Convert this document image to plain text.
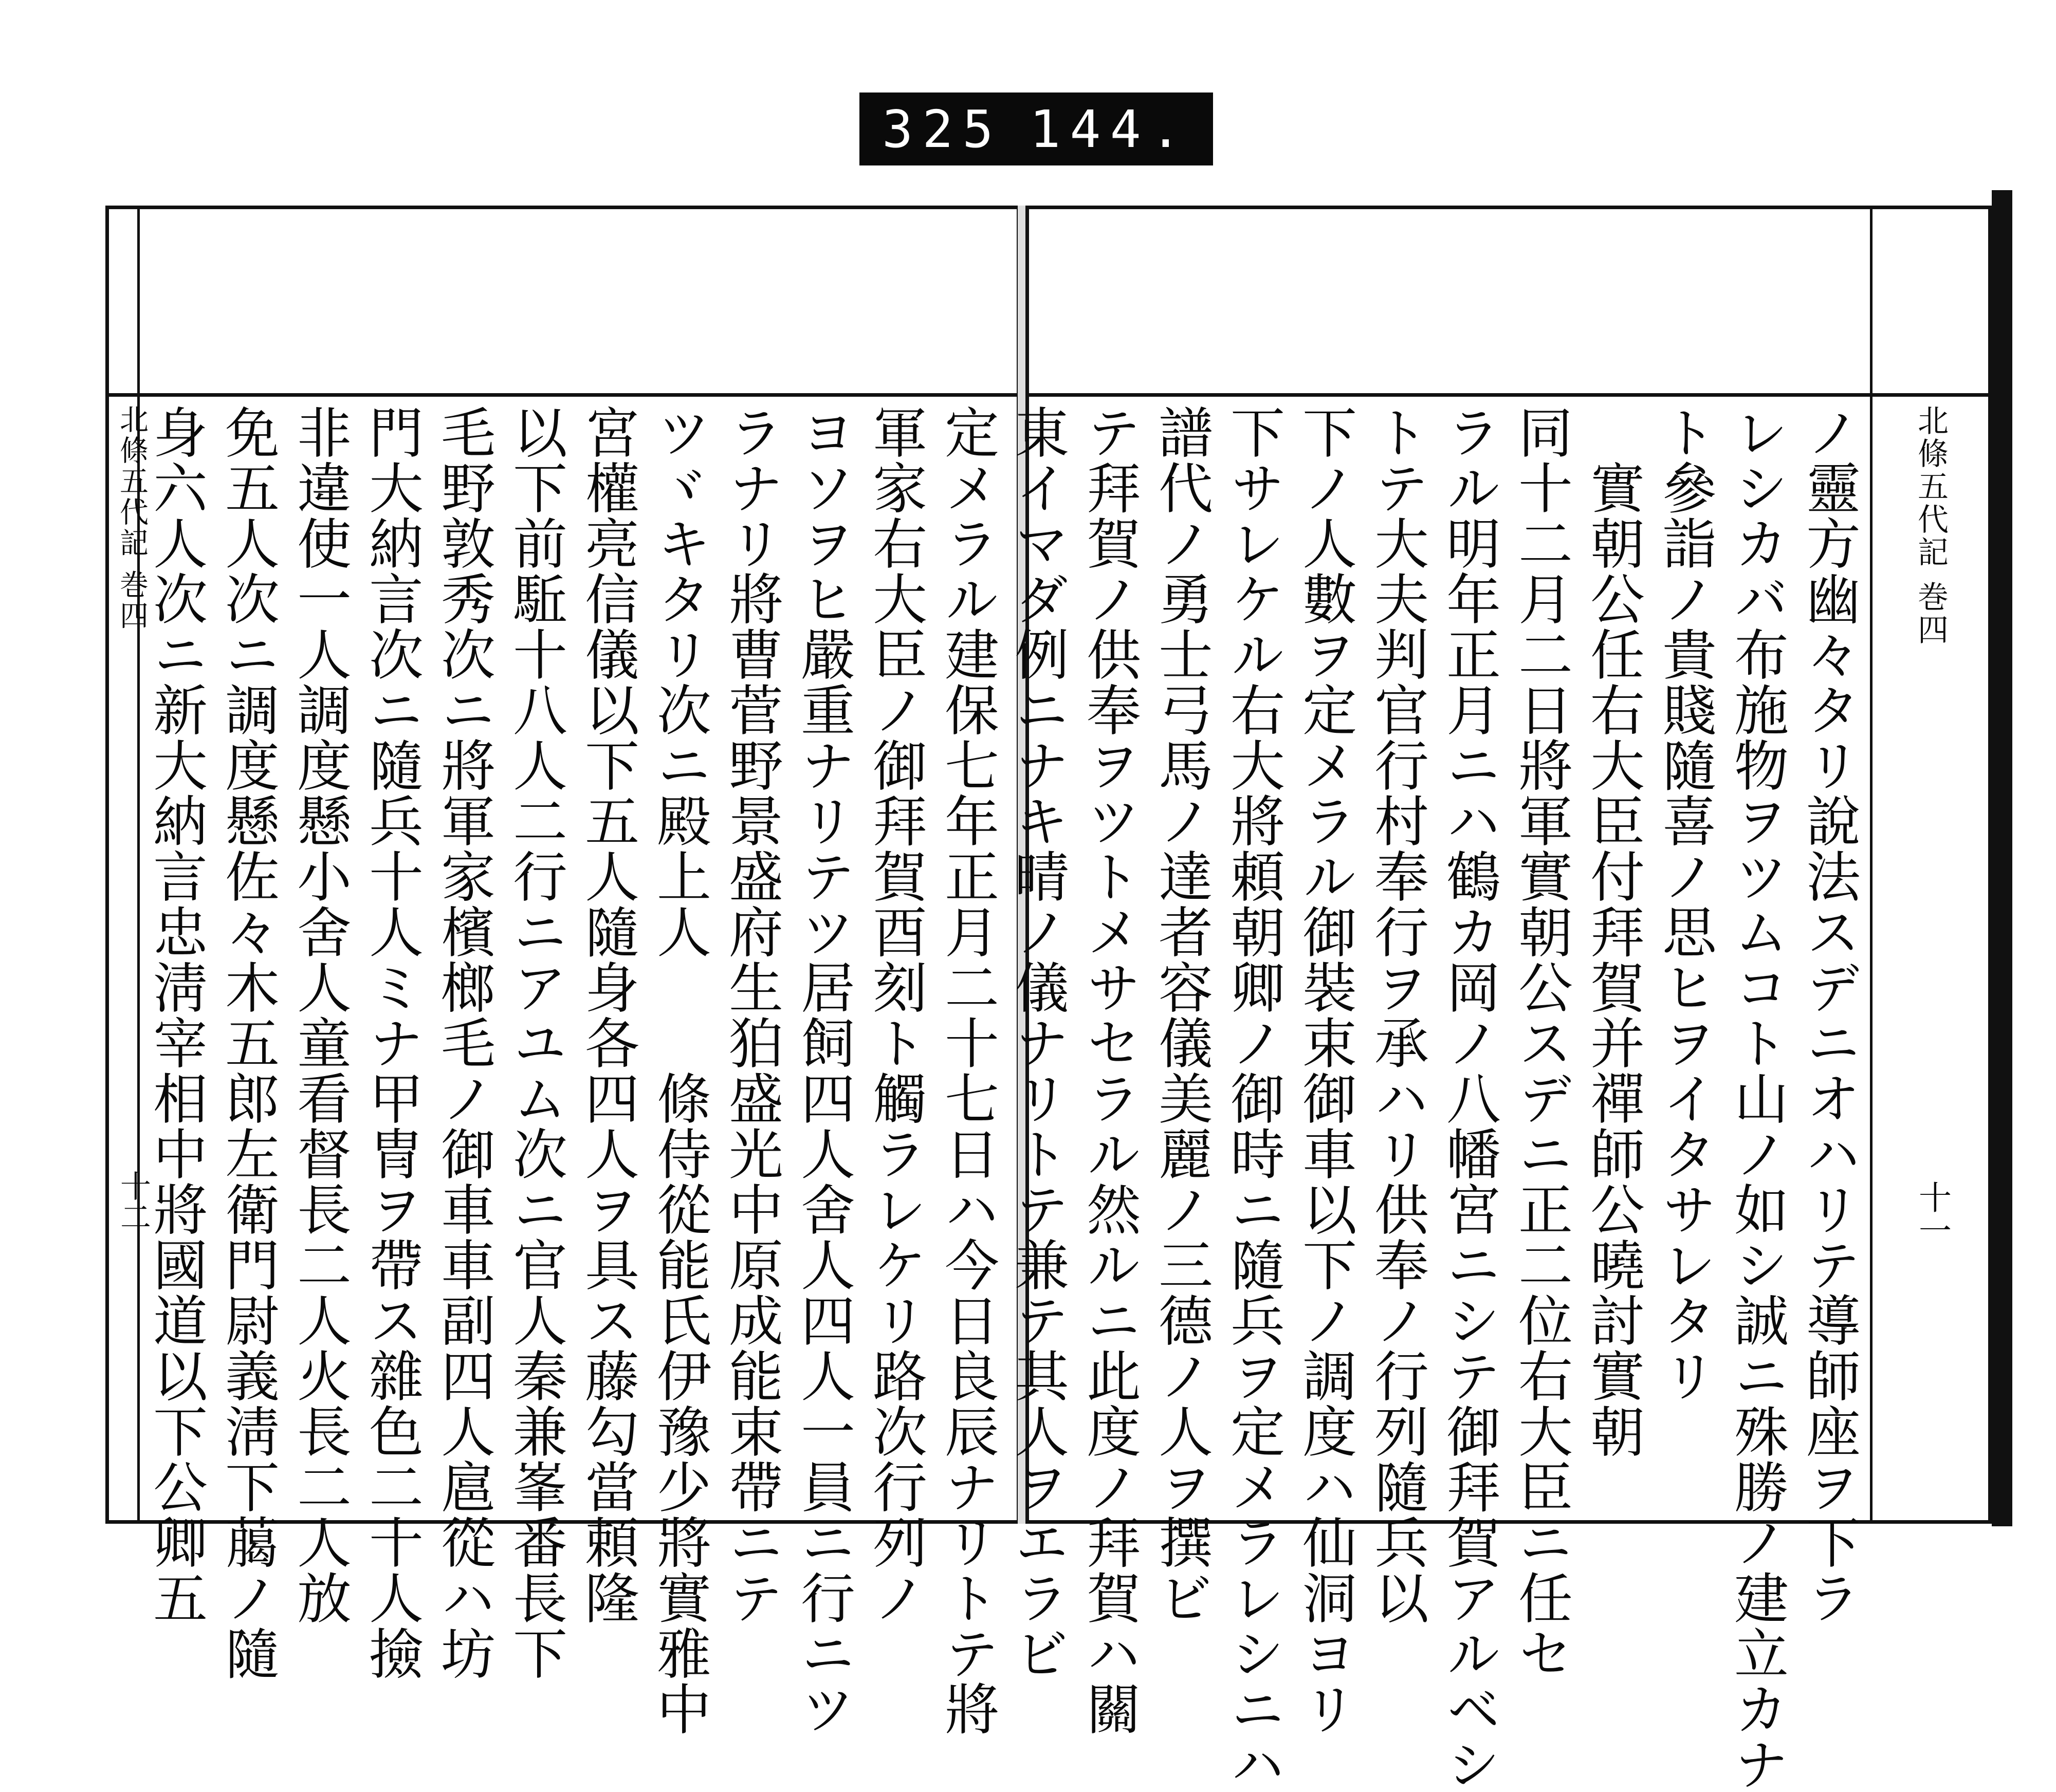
325 144.
北條五代記 巻四
十二	定メラル建保七年正月二十七日ハ今日良辰ナリトテ將
軍家右大臣ノ御拜賀酉刻ト觸ラレケリ路次行列ノ
ヨソヲヒ嚴重ナリテツ居飼四人舍人四人一員ニ行ニツ
ラナリ將曹菅野景盛府生狛盛光中原成能束帶ニテ
ツヾキタリ次ニ殿上人　　條侍從能氏伊豫少將實雅中
宮權亮信儀以下五人隨身各四人ヲ具ス藤勾當頼隆
以下前駈十八人二行ニアユム次ニ官人秦兼峯番長下
毛野敦秀次ニ將軍家檳榔毛ノ御車車副四人扈從ハ坊
門大納言次ニ隨兵十人ミナ甲冑ヲ帶ス雜色二十人撿
非違使一人調度懸小舍人童看督長二人火長二人放
免五人次ニ調度懸佐々木五郎左衛門尉義淸下﨟ノ隨
身六人次ニ新大納言忠淸宰相中將國道以下公卿五	ノ靈方幽々タリ說法スデニオハリテ導師座ヲ下ラ
レシカバ布施物ヲツムコト山ノ如シ誠ニ殊勝ノ建立カナ
ト參詣ノ貴賤隨喜ノ思ヒヲイタサレタリ
　實朝公任右大臣付拜賀并禪師公曉討實朝
同十二月二日將軍實朝公スデニ正二位右大臣ニ任セ
ラル明年正月ニハ鶴カ岡ノ八幡宮ニシテ御拜賀アルベシ
トテ大夫判官行村奉行ヲ承ハリ供奉ノ行列隨兵以
下ノ人數ヲ定メラル御裝束御車以下ノ調度ハ仙洞ヨリ
下サレケル右大將頼朝卿ノ御時ニ隨兵ヲ定メラレシニハ
譜代ノ勇士弓馬ノ達者容儀美麗ノ三德ノ人ヲ撰ビ
テ拜賀ノ供奉ヲツトメサセラル然ルニ此度ノ拜賀ハ關
東イマダ例ニナキ晴ノ儀ナリトテ兼テ其人ヲエラビ	北條五代記 巻四
十一
